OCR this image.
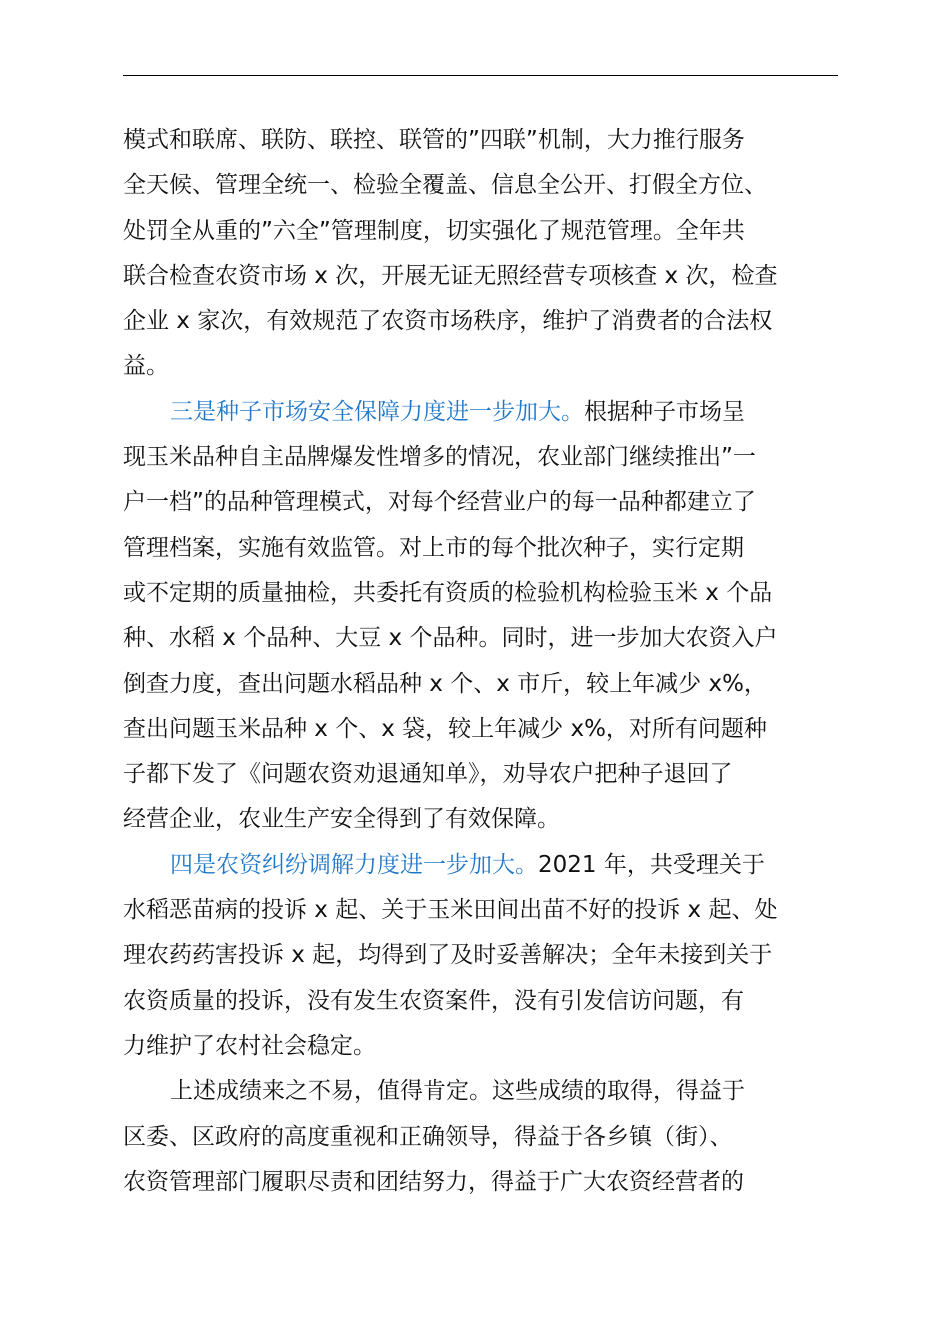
模式和联席、联防、联控、联管的”四联”机制，大力推行服务
全天候、管理全统一、检验全覆盖、信息全公开、打假全方位、
处罚全从重的”六全”管理制度，切实强化了规范管理。全年共
联合检查农资市场 x 次，开展无证无照经营专项核查 x 次，检查
企业 x 家次，有效规范了农资市场秩序，维护了消费者的合法权
益。
三是种子市场安全保障力度进一步加大。根据种子市场呈
现玉米品种自主品牌爆发性增多的情况，农业部门继续推出”一
户一档”的品种管理模式，对每个经营业户的每一品种都建立了
管理档案，实施有效监管。对上市的每个批次种子，实行定期
或不定期的质量抽检，共委托有资质的检验机构检验玉米 x 个品
种、水稻 x 个品种、大豆 x 个品种。同时，进一步加大农资入户
倒查力度，查出问题水稻品种 x 个、x 市斤，较上年减少 x%，
查出问题玉米品种 x 个、x 袋，较上年减少 x%，对所有问题种
子都下发了《问题农资劝退通知单》，劝导农户把种子退回了
经营企业，农业生产安全得到了有效保障。
四是农资纠纷调解力度进一步加大。2021 年，共受理关于
水稻恶苗病的投诉 x 起、关于玉米田间出苗不好的投诉 x 起、处
理农药药害投诉 x 起，均得到了及时妥善解决；全年未接到关于
农资质量的投诉，没有发生农资案件，没有引发信访问题，有
力维护了农村社会稳定。
上述成绩来之不易，值得肯定。这些成绩的取得，得益于
区委、区政府的高度重视和正确领导，得益于各乡镇（街）、
农资管理部门履职尽责和团结努力，得益于广大农资经营者的
